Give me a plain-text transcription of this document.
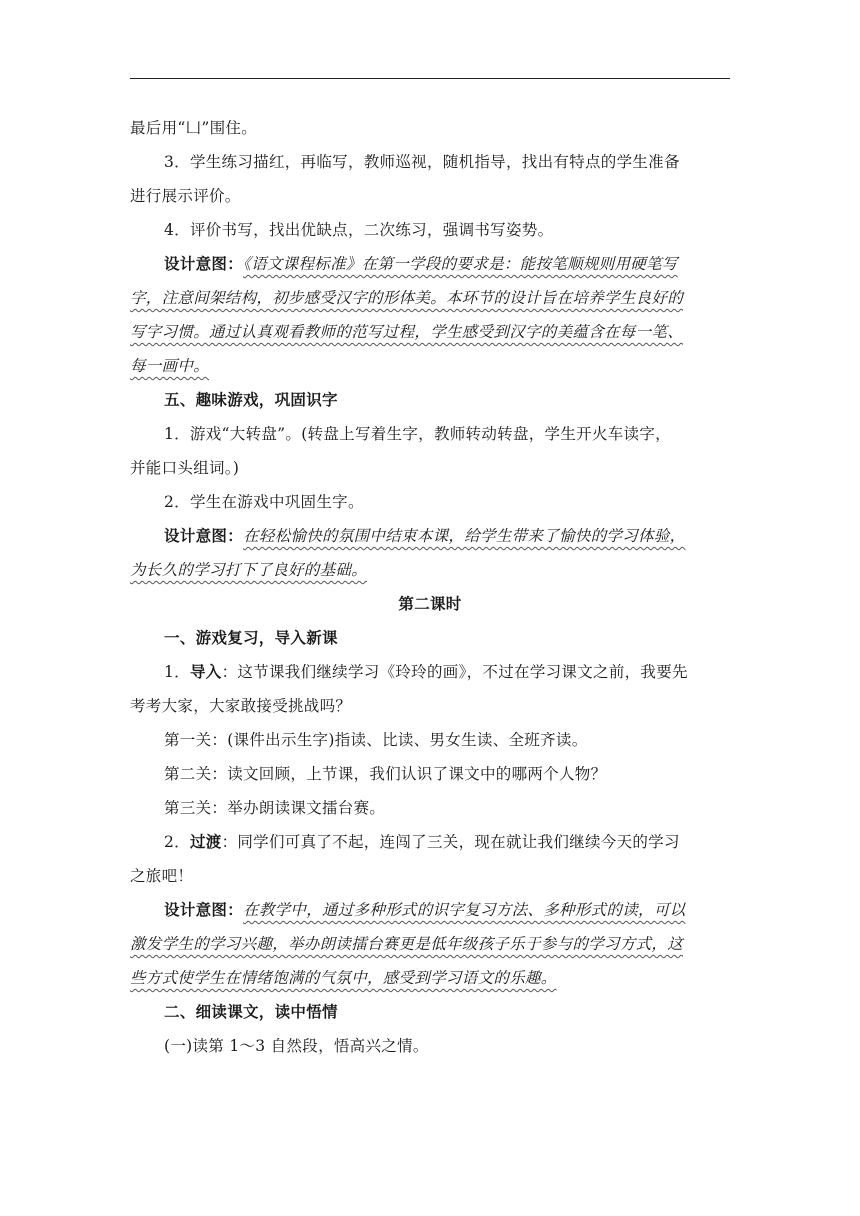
最后用“凵”围住。
3．学生练习描红，再临写，教师巡视，随机指导，找出有特点的学生准备
进行展示评价。
4．评价书写，找出优缺点，二次练习，强调书写姿势。
设计意图：《语文课程标准》在第一学段的要求是：能按笔顺规则用硬笔写
字，注意间架结构，初步感受汉字的形体美。本环节的设计旨在培养学生良好的
写字习惯。通过认真观看教师的范写过程，学生感受到汉字的美蕴含在每一笔、
每一画中。
五、趣味游戏，巩固识字
1．游戏“大转盘”。(转盘上写着生字，教师转动转盘，学生开火车读字，
并能口头组词。)
2．学生在游戏中巩固生字。
设计意图：在轻松愉快的氛围中结束本课，给学生带来了愉快的学习体验，
为长久的学习打下了良好的基础。
第二课时
一、游戏复习，导入新课
1．导入：这节课我们继续学习《玲玲的画》，不过在学习课文之前，我要先
考考大家，大家敢接受挑战吗？
第一关：(课件出示生字)指读、比读、男女生读、全班齐读。
第二关：读文回顾，上节课，我们认识了课文中的哪两个人物？
第三关：举办朗读课文擂台赛。
2．过渡：同学们可真了不起，连闯了三关，现在就让我们继续今天的学习
之旅吧！
设计意图：在教学中，通过多种形式的识字复习方法、多种形式的读，可以
激发学生的学习兴趣，举办朗读擂台赛更是低年级孩子乐于参与的学习方式，这
些方式使学生在情绪饱满的气氛中，感受到学习语文的乐趣。
二、细读课文，读中悟情
(一)读第 1～3 自然段，悟高兴之情。
